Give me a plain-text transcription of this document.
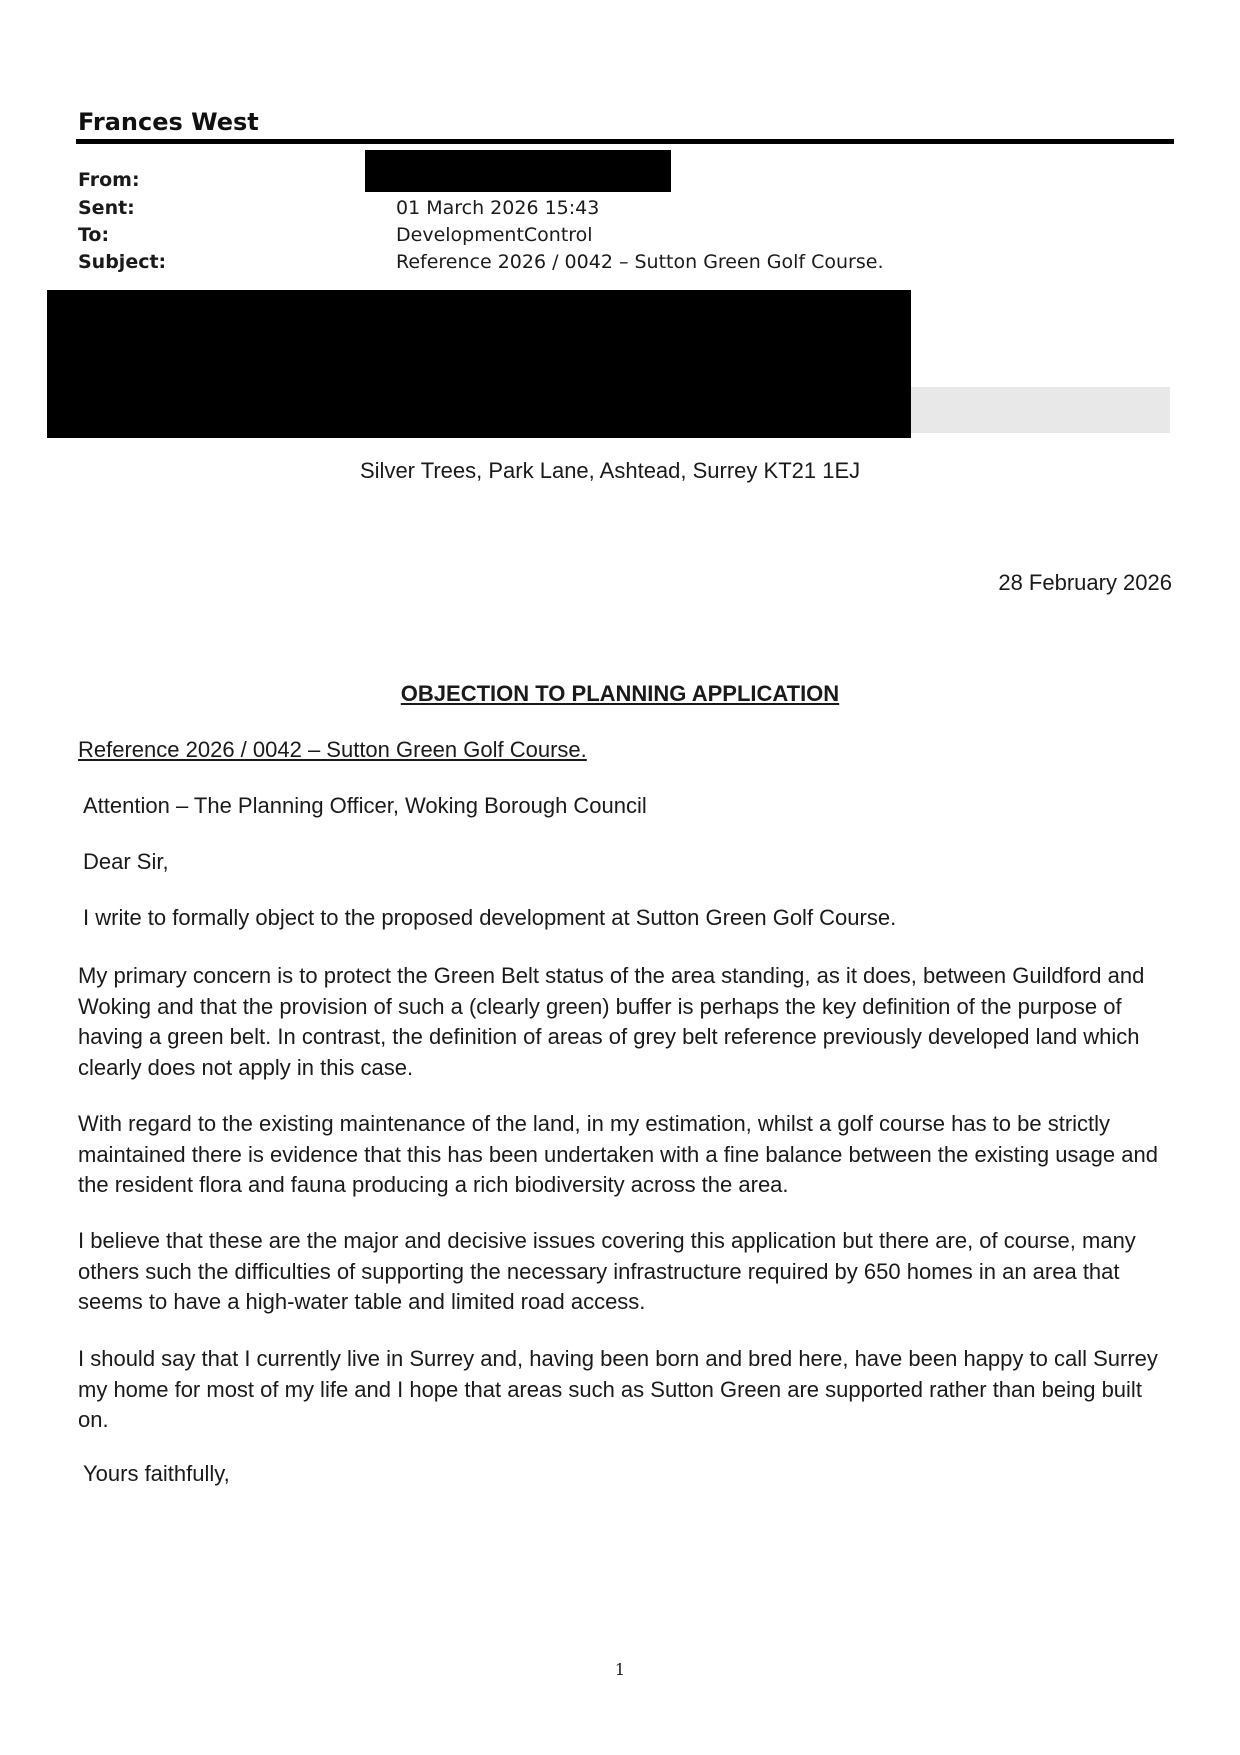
Frances West
From:
Sent:	01 March 2026 15:43
To:	DevelopmentControl
Subject:	Reference 2026 / 0042 – Sutton Green Golf Course.
Silver Trees, Park Lane, Ashtead, Surrey KT21 1EJ
28 February 2026
OBJECTION TO PLANNING APPLICATION
Reference 2026 / 0042 – Sutton Green Golf Course.
Attention – The Planning Officer, Woking Borough Council
Dear Sir,
I write to formally object to the proposed development at Sutton Green Golf Course.
My primary concern is to protect the Green Belt status of the area standing, as it does, between Guildford and Woking and that the provision of such a (clearly green) buffer is perhaps the key definition of the purpose of having a green belt. In contrast, the definition of areas of grey belt reference previously developed land which clearly does not apply in this case.
With regard to the existing maintenance of the land, in my estimation, whilst a golf course has to be strictly maintained there is evidence that this has been undertaken with a fine balance between the existing usage and the resident flora and fauna producing a rich biodiversity across the area.
I believe that these are the major and decisive issues covering this application but there are, of course, many others such the difficulties of supporting the necessary infrastructure required by 650 homes in an area that seems to have a high-water table and limited road access.
I should say that I currently live in Surrey and, having been born and bred here, have been happy to call Surrey my home for most of my life and I hope that areas such as Sutton Green are supported rather than being built on.
Yours faithfully,
1
